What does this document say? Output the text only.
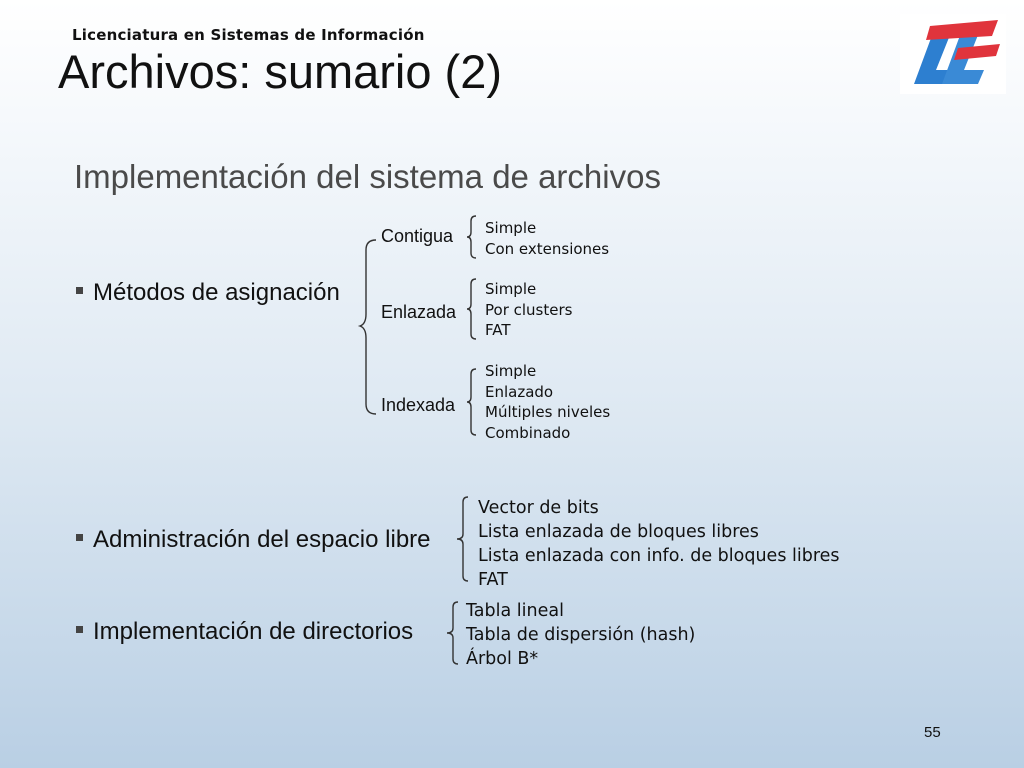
Licenciatura en Sistemas de Información
Archivos: sumario (2)
Implementación del sistema de archivos
Métodos de asignación
Contigua
Enlazada
Indexada
Simple
Con extensiones
Simple
Por clusters
FAT
Simple
Enlazado
Múltiples niveles
Combinado
Administración del espacio libre
Vector de bits
Lista enlazada de bloques libres
Lista enlazada con info. de bloques libres
FAT
Implementación de directorios
Tabla lineal
Tabla de dispersión (hash)
Árbol B*
55
